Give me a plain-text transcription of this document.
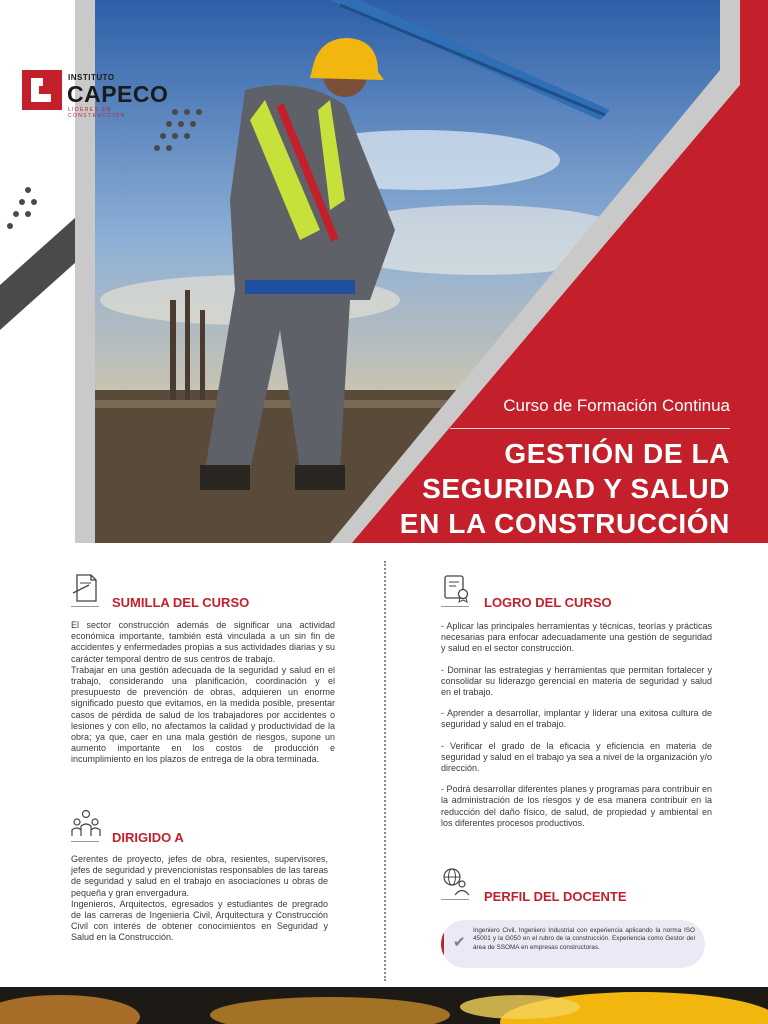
INSTITUTO
CAPECO
LÍDERES EN CONSTRUCCIÓN
Curso de Formación Continua
GESTIÓN DE LA
SEGURIDAD Y SALUD
EN LA CONSTRUCCIÓN
SUMILLA DEL CURSO

El sector construcción además de significar una actividad económica importante, también está vinculada a un sin fin de accidentes y enfermedades propias a sus actividades diarias y su carácter temporal dentro de sus centros de trabajo.

Trabajar en una gestión adecuada de la seguridad y salud en el trabajo, considerando una planificación, coordinación y el presupuesto de prevención de obras, adquieren un enorme significado puesto que evitamos, en la medida posible, presentar casos de pérdida de salud de los trabajadores por accidentes o lesiones y con ello, no afectamos la calidad y productividad de la obra; ya que, caer en una mala gestión de riesgos, supone un aumento importante en los costos de producción e incumplimiento en los plazos de entrega de la obra terminada.

DIRIGIDO A

Gerentes de proyecto, jefes de obra, resientes, supervisores, jefes de seguridad y prevencionistas responsables de las tareas de seguridad y salud en el trabajo en asociaciones u obras de pequeña y gran envergadura.

Ingenieros, Arquitectos, egresados y estudiantes de pregrado de las carreras de Ingeniería Civil, Arquitectura y Construcción Civil con interés de obtener conocimientos en Seguridad y Salud en la Construcción.

LOGRO DEL CURSO

- Aplicar las principales herramientas y técnicas, teorías y prácticas necesarias para enfocar adecuadamente una gestión de seguridad y salud en el sector construcción.

- Dominar las estrategias y herramientas que permitan fortalecer y consolidar su liderazgo gerencial en materia de seguridad y salud en el trabajo.

- Aprender a desarrollar, implantar y liderar una exitosa cultura de seguridad y salud en el trabajo.

- Verificar el grado de la eficacia y eficiencia en materia de seguridad y salud en el trabajo ya sea a nivel de la organización y/o dirección.

- Podrá desarrollar diferentes planes y programas para contribuir en la administración de los riesgos y de esa manera contribuir en la reducción del daño físico, de salud, de propiedad y ambiental en los diferentes procesos productivos.

PERFIL DEL DOCENTE
✔
Ingeniero Civil, Ingeniero Industrial con experiencia aplicando la norma ISO 45001 y la G050 en el rubro de la construcción. Experiencia como Gestor del área de SSOMA en empresas constructoras.
